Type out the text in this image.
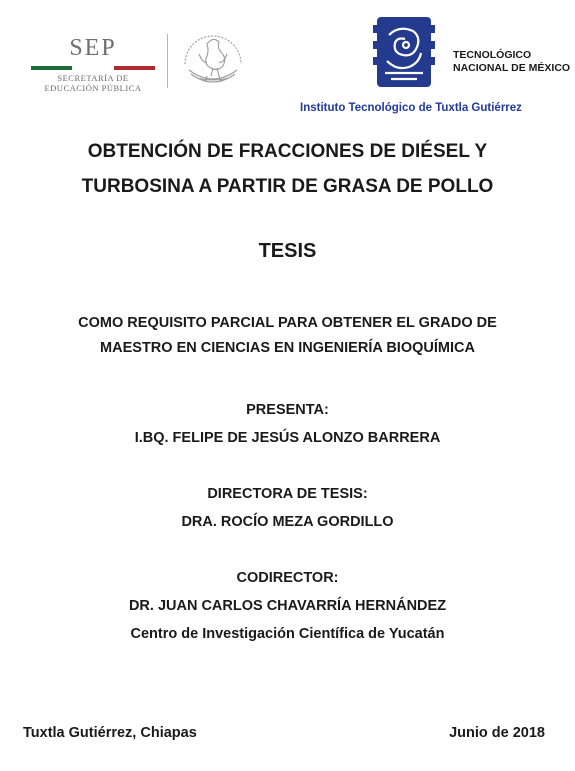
SEP
SECRETARÍA DE
EDUCACIÓN PÚBLICA
TECNOLÓGICO
NACIONAL DE MÉXICO
Instituto Tecnológico de Tuxtla Gutiérrez
OBTENCIÓN DE FRACCIONES DE DIÉSEL Y
TURBOSINA A PARTIR DE GRASA DE POLLO
TESIS
COMO REQUISITO PARCIAL PARA OBTENER EL GRADO DE
MAESTRO EN CIENCIAS EN INGENIERÍA BIOQUÍMICA
PRESENTA:
I.BQ. FELIPE DE JESÚS ALONZO BARRERA
DIRECTORA DE TESIS:
DRA. ROCÍO MEZA GORDILLO
CODIRECTOR:
DR. JUAN CARLOS CHAVARRÍA HERNÁNDEZ
Centro de Investigación Científica de Yucatán
Tuxtla Gutiérrez, Chiapas	Junio de 2018
